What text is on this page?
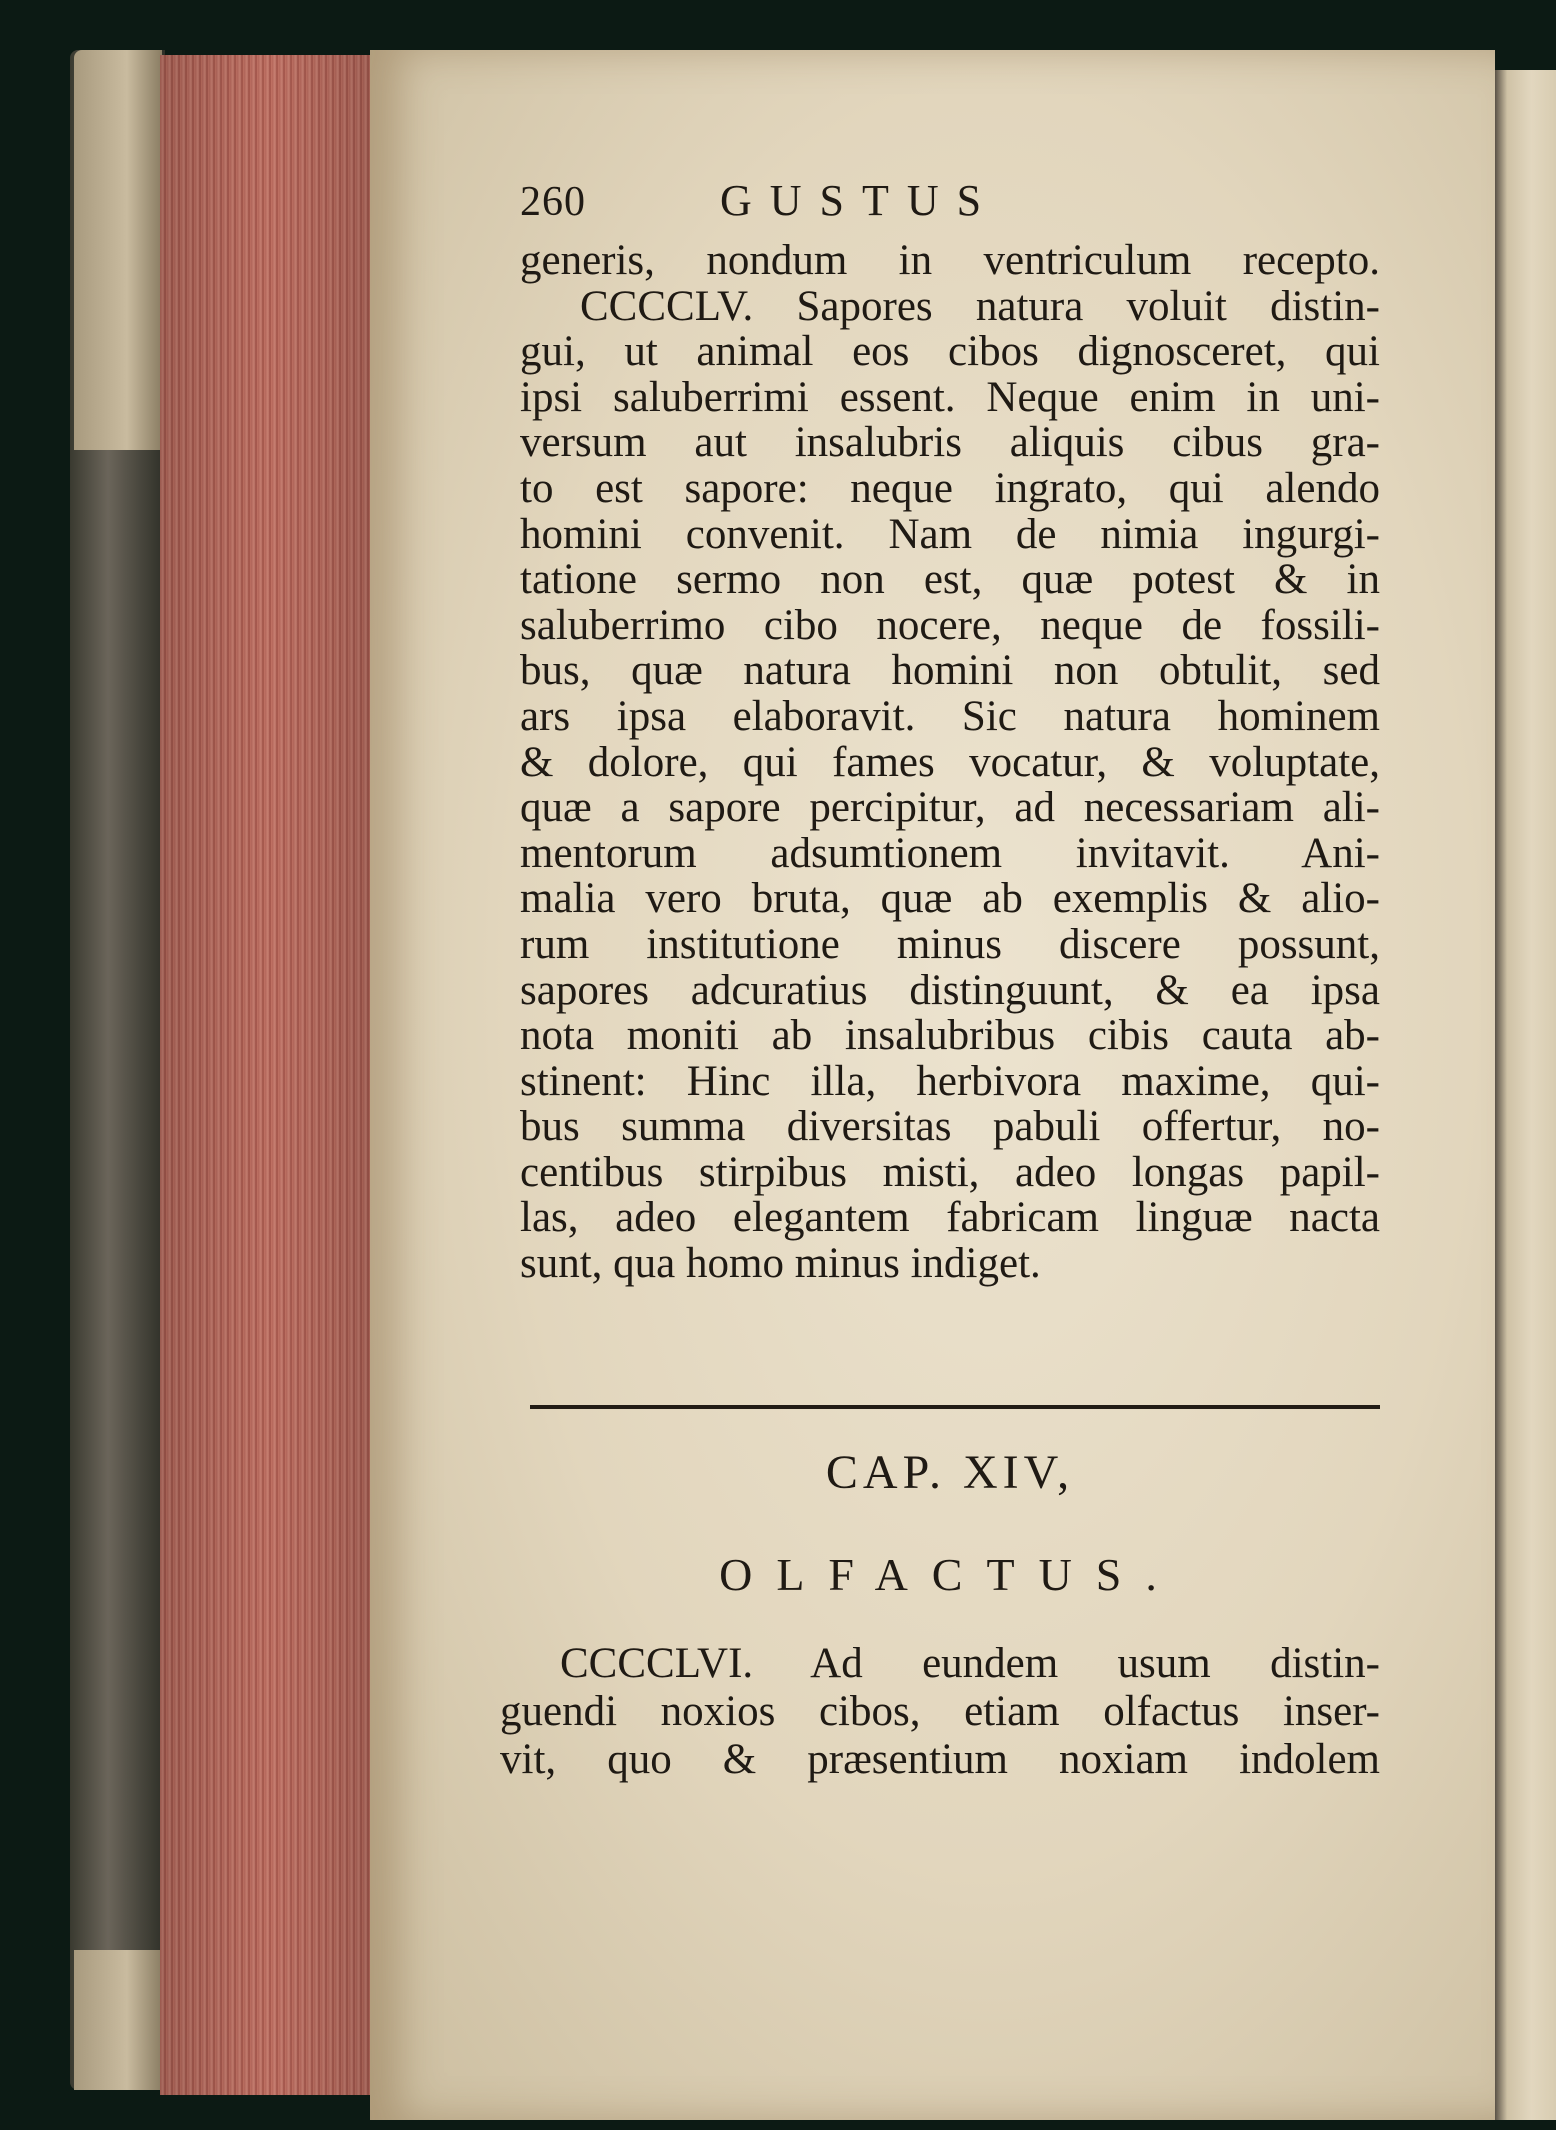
260	GUSTUS
generis, nondum in ventriculum recepto.
CCCCLV. Sapores natura voluit distin-
gui, ut animal eos cibos dignosceret, qui
ipsi saluberrimi essent. Neque enim in uni-
versum aut insalubris aliquis cibus gra-
to est sapore: neque ingrato, qui alendo
homini convenit. Nam de nimia ingurgi-
tatione sermo non est, quæ potest & in
saluberrimo cibo nocere, neque de fossili-
bus, quæ natura homini non obtulit, sed
ars ipsa elaboravit. Sic natura hominem
& dolore, qui fames vocatur, & voluptate,
quæ a sapore percipitur, ad necessariam ali-
mentorum adsumtionem invitavit. Ani-
malia vero bruta, quæ ab exemplis & alio-
rum institutione minus discere possunt,
sapores adcuratius distinguunt, & ea ipsa
nota moniti ab insalubribus cibis cauta ab-
stinent: Hinc illa, herbivora maxime, qui-
bus summa diversitas pabuli offertur, no-
centibus stirpibus misti, adeo longas papil-
las, adeo elegantem fabricam linguæ nacta
sunt, qua homo minus indiget.
CAP. XIV,
OLFACTUS.
CCCCLVI. Ad eundem usum distin-
guendi noxios cibos, etiam olfactus inser-
vit, quo & præsentium noxiam indolem
